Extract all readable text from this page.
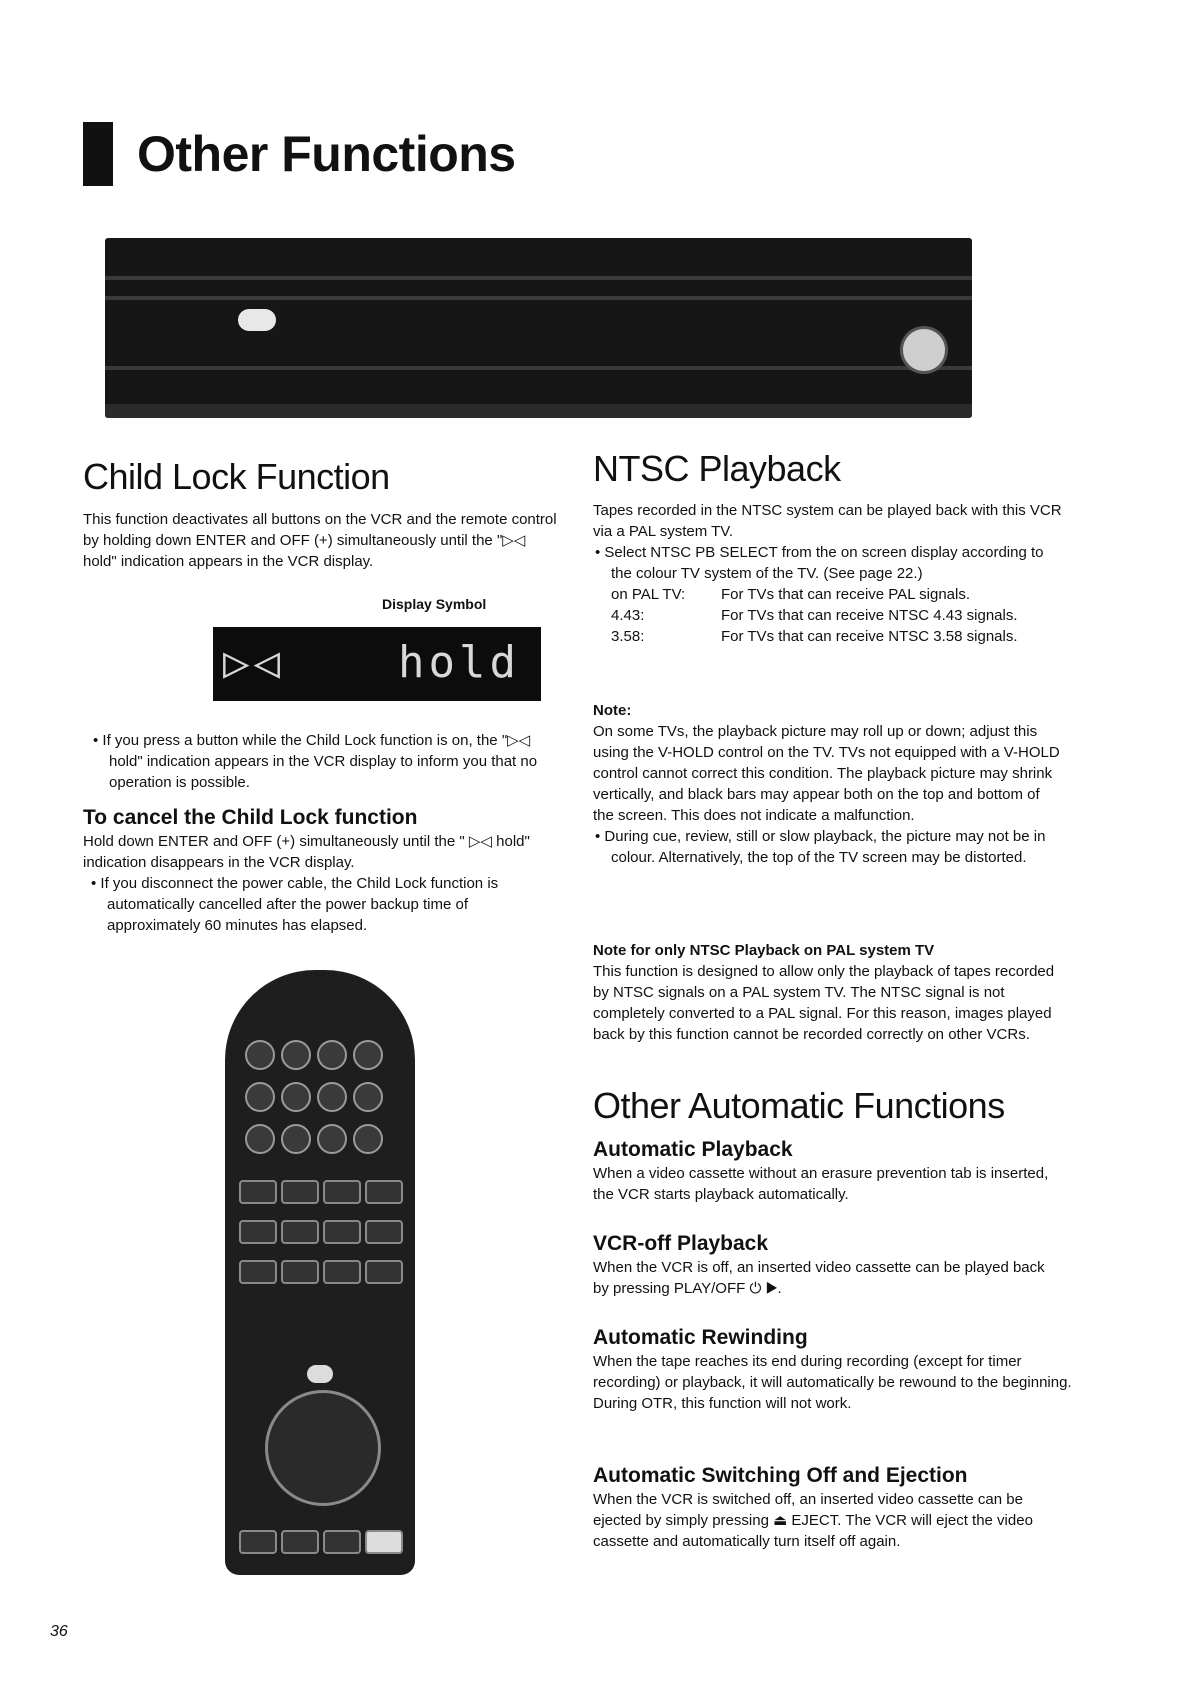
Other Functions
Child Lock Function

This function deactivates all buttons on the VCR and the remote control by holding down ENTER and OFF (+) simultaneously until the "▷◁ hold" indication appears in the VCR display.

Display Symbol
▷◁	hold

• If you press a button while the Child Lock function is on, the "▷◁ hold" indication appears in the VCR display to inform you that no operation is possible.

To cancel the Child Lock function

Hold down ENTER and OFF (+) simultaneously until the " ▷◁ hold" indication disappears in the VCR display.

• If you disconnect the power cable, the Child Lock function is automatically cancelled after the power backup time of approximately 60 minutes has elapsed.

NTSC Playback

Tapes recorded in the NTSC system can be played back with this VCR via a PAL system TV.

• Select NTSC PB SELECT from the on screen display according to the colour TV system of the TV. (See page 22.)

on PAL TV:	For TVs that can receive PAL signals.
4.43:	For TVs that can receive NTSC 4.43 signals.
3.58:	For TVs that can receive NTSC 3.58 signals.

Note:

On some TVs, the playback picture may roll up or down; adjust this using the V-HOLD control on the TV. TVs not equipped with a V-HOLD control cannot correct this condition. The playback picture may shrink vertically, and black bars may appear both on the top and bottom of the screen. This does not indicate a malfunction.

• During cue, review, still or slow playback, the picture may not be in colour. Alternatively, the top of the TV screen may be distorted.

Note for only NTSC Playback on PAL system TV

This function is designed to allow only the playback of tapes recorded by NTSC signals on a PAL system TV. The NTSC signal is not completely converted to a PAL signal. For this reason, images played back by this function cannot be recorded correctly on other VCRs.

Other Automatic Functions
Automatic Playback

When a video cassette without an erasure prevention tab is inserted, the VCR starts playback automatically.

VCR-off Playback

When the VCR is off, an inserted video cassette can be played back by pressing PLAY/OFF ⏻ ▶.

Automatic Rewinding

When the tape reaches its end during recording (except for timer recording) or playback, it will automatically be rewound to the beginning.

During OTR, this function will not work.

Automatic Switching Off and Ejection

When the VCR is switched off, an inserted video cassette can be ejected by simply pressing ⏏ EJECT. The VCR will eject the video cassette and automatically turn itself off again.

36
